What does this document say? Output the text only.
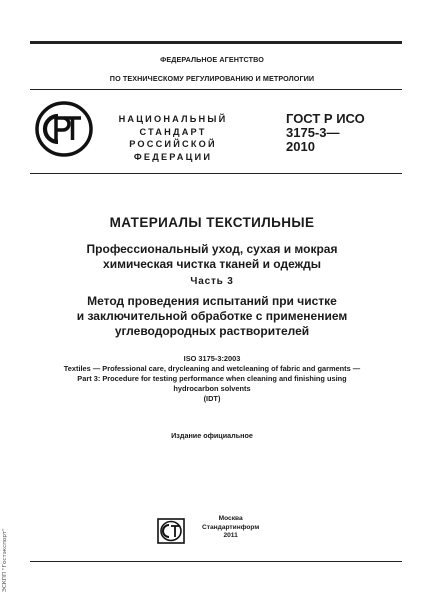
ФЕДЕРАЛЬНОЕ АГЕНТСТВО
ПО ТЕХНИЧЕСКОМУ РЕГУЛИРОВАНИЮ И МЕТРОЛОГИИ
НАЦИОНАЛЬНЫЙ
СТАНДАРТ
РОССИЙСКОЙ
ФЕДЕРАЦИИ
ГОСТ Р ИСО
3175-3—
2010
МАТЕРИАЛЫ ТЕКСТИЛЬНЫЕ
Профессиональный уход, сухая и мокрая
химическая чистка тканей и одежды
Часть 3
Метод проведения испытаний при чистке
и заключительной обработке с применением
углеводородных растворителей
ISO 3175-3:2003
Textiles — Professional care, drycleaning and wetcleaning of fabric and garments —
Part 3: Procedure for testing performance when cleaning and finishing using
hydrocarbon solvents
(IDT)
Издание официальное
Москва
Стандартинформ
2011
ЭСКПП "Гостэкспорт"
